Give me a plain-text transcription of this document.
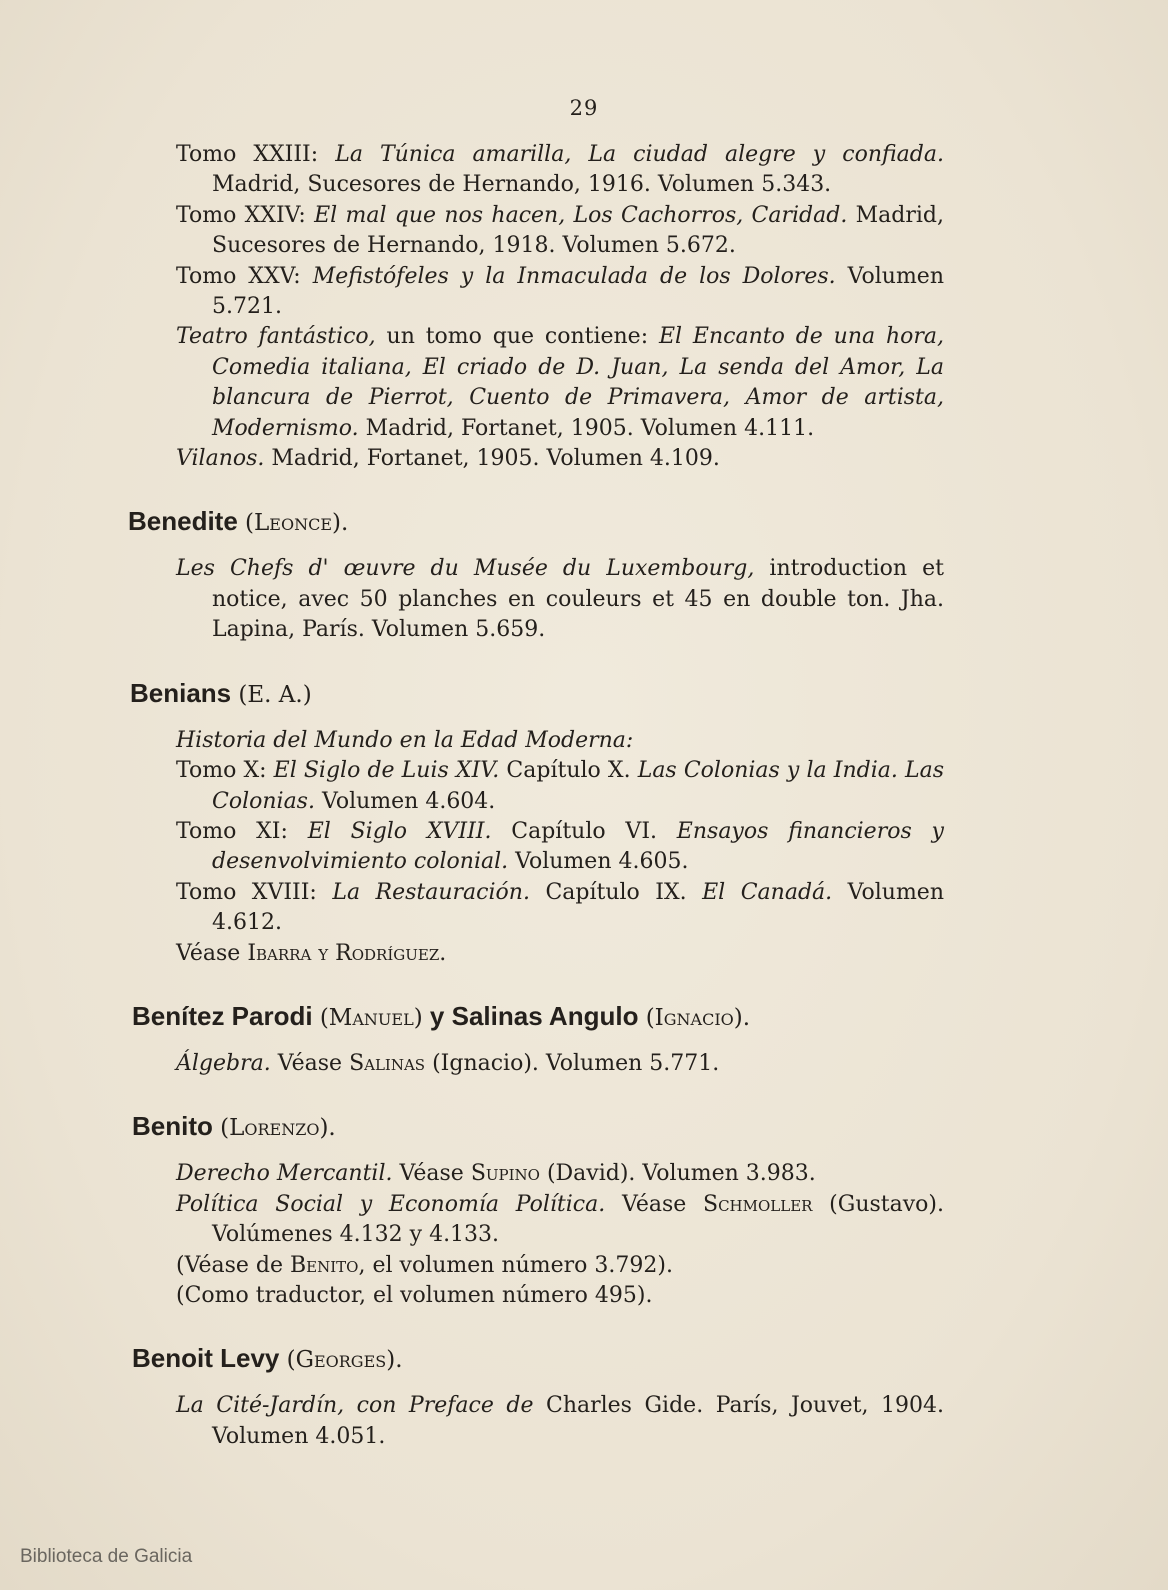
29

Tomo XXIII: La Túnica amarilla, La ciudad alegre y confiada. Madrid, Sucesores de Hernando, 1916. Volumen 5.343.

Tomo XXIV: El mal que nos hacen, Los Cachorros, Caridad. Madrid, Sucesores de Hernando, 1918. Volumen 5.672.

Tomo XXV: Mefistófeles y la Inmaculada de los Dolores. Volumen 5.721.

Teatro fantástico, un tomo que contiene: El Encanto de una hora, Comedia italiana, El criado de D. Juan, La senda del Amor, La blancura de Pierrot, Cuento de Primavera, Amor de artista, Modernismo. Madrid, Fortanet, 1905. Volumen 4.111.

Vilanos. Madrid, Fortanet, 1905. Volumen 4.109.

Benedite (Leonce).

Les Chefs d' œuvre du Musée du Luxembourg, introduction et notice, avec 50 planches en couleurs et 45 en double ton. Jha. Lapina, París. Volumen 5.659.

Benians (E. A.)

Historia del Mundo en la Edad Moderna:

Tomo X: El Siglo de Luis XIV. Capítulo X. Las Colonias y la India. Las Colonias. Volumen 4.604.

Tomo XI: El Siglo XVIII. Capítulo VI. Ensayos financieros y desenvolvimiento colonial. Volumen 4.605.

Tomo XVIII: La Restauración. Capítulo IX. El Canadá. Volumen 4.612.

Véase Ibarra y Rodríguez.

Benítez Parodi (Manuel) y Salinas Angulo (Ignacio).

Álgebra. Véase Salinas (Ignacio). Volumen 5.771.

Benito (Lorenzo).

Derecho Mercantil. Véase Supino (David). Volumen 3.983.

Política Social y Economía Política. Véase Schmoller (Gustavo). Volúmenes 4.132 y 4.133.

(Véase de Benito, el volumen número 3.792).

(Como traductor, el volumen número 495).

Benoit Levy (Georges).

La Cité-Jardín, con Preface de Charles Gide. París, Jouvet, 1904. Volumen 4.051.

Biblioteca de Galicia
